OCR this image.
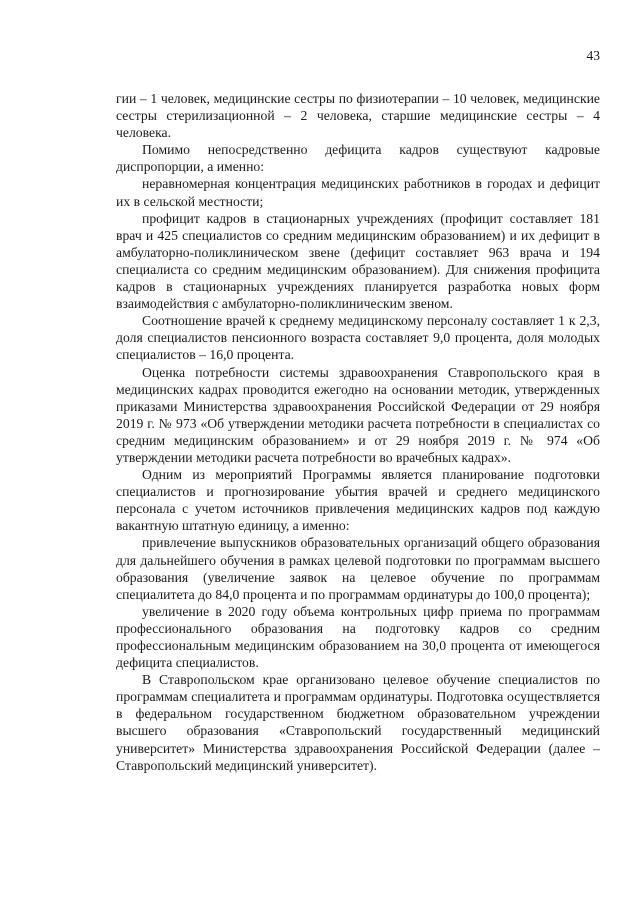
43

гии – 1 человек, медицинские сестры по физиотерапии – 10 человек, медицинские сестры стерилизационной – 2 человека, старшие медицинские сестры – 4 человека.

Помимо непосредственно дефицита кадров существуют кадровые диспропорции, а именно:

неравномерная концентрация медицинских работников в городах и дефицит их в сельской местности;

профицит кадров в стационарных учреждениях (профицит составляет 181 врач и 425 специалистов со средним медицинским образованием) и их дефицит в амбулаторно-поликлиническом звене (дефицит составляет 963 врача и 194 специалиста со средним медицинским образованием). Для снижения профицита кадров в стационарных учреждениях планируется разработка новых форм взаимодействия с амбулаторно-поликлиническим звеном.

Соотношение врачей к среднему медицинскому персоналу составляет 1 к 2,3, доля специалистов пенсионного возраста составляет 9,0 процента, доля молодых специалистов – 16,0 процента.

Оценка потребности системы здравоохранения Ставропольского края в медицинских кадрах проводится ежегодно на основании методик, утвержденных приказами Министерства здравоохранения Российской Федерации от 29 ноября 2019 г. № 973 «Об утверждении методики расчета потребности в специалистах со средним медицинским образованием» и от 29 ноября 2019 г. № 974 «Об утверждении методики расчета потребности во врачебных кадрах».

Одним из мероприятий Программы является планирование подготовки специалистов и прогнозирование убытия врачей и среднего медицинского персонала с учетом источников привлечения медицинских кадров под каждую вакантную штатную единицу, а именно:

привлечение выпускников образовательных организаций общего образования для дальнейшего обучения в рамках целевой подготовки по программам высшего образования (увеличение заявок на целевое обучение по программам специалитета до 84,0 процента и по программам ординатуры до 100,0 процента);

увеличение в 2020 году объема контрольных цифр приема по программам профессионального образования на подготовку кадров со средним профессиональным медицинским образованием на 30,0 процента от имеющегося дефицита специалистов.

В Ставропольском крае организовано целевое обучение специалистов по программам специалитета и программам ординатуры. Подготовка осуществляется в федеральном государственном бюджетном образовательном учреждении высшего образования «Ставропольский государственный медицинский университет» Министерства здравоохранения Российской Федерации (далее – Ставропольский медицинский университет).
